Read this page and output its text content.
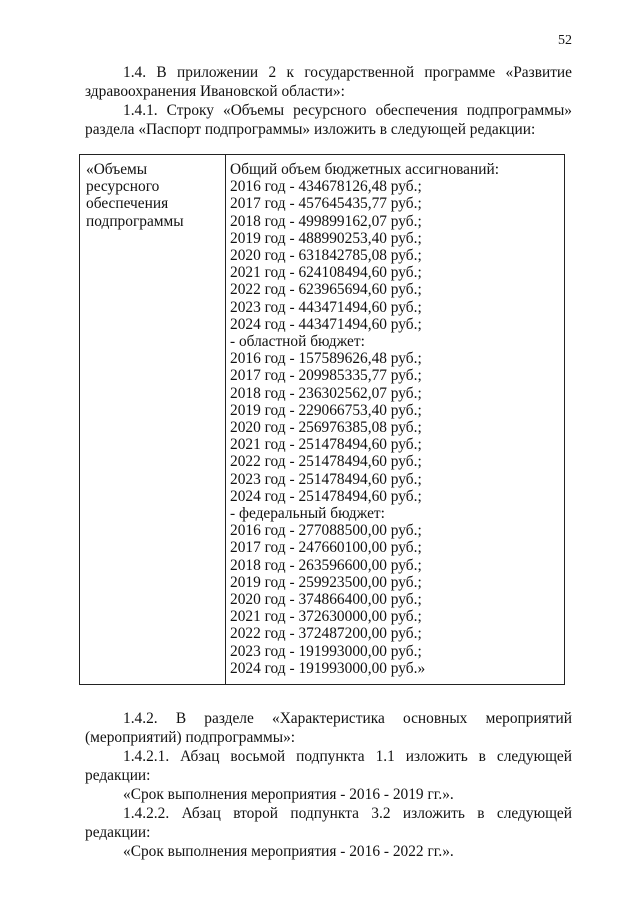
52
1.4. В приложении 2 к государственной программе «Развитие
здравоохранения Ивановской области»:
1.4.1. Строку «Объемы ресурсного обеспечения подпрограммы»
раздела «Паспорт подпрограммы» изложить в следующей редакции:
«Объемы ресурсного
обеспечения
подпрограммы
Общий объем бюджетных ассигнований:
2016 год - 434678126,48 руб.;
2017 год - 457645435,77 руб.;
2018 год - 499899162,07 руб.;
2019 год - 488990253,40 руб.;
2020 год - 631842785,08 руб.;
2021 год - 624108494,60 руб.;
2022 год - 623965694,60 руб.;
2023 год - 443471494,60 руб.;
2024 год - 443471494,60 руб.;
- областной бюджет:
2016 год - 157589626,48 руб.;
2017 год - 209985335,77 руб.;
2018 год - 236302562,07 руб.;
2019 год - 229066753,40 руб.;
2020 год - 256976385,08 руб.;
2021 год - 251478494,60 руб.;
2022 год - 251478494,60 руб.;
2023 год - 251478494,60 руб.;
2024 год - 251478494,60 руб.;
- федеральный бюджет:
2016 год - 277088500,00 руб.;
2017 год - 247660100,00 руб.;
2018 год - 263596600,00 руб.;
2019 год - 259923500,00 руб.;
2020 год - 374866400,00 руб.;
2021 год - 372630000,00 руб.;
2022 год - 372487200,00 руб.;
2023 год - 191993000,00 руб.;
2024 год - 191993000,00 руб.»
1.4.2. В разделе «Характеристика основных мероприятий
(мероприятий) подпрограммы»:
1.4.2.1. Абзац восьмой подпункта 1.1 изложить в следующей
редакции:
«Срок выполнения мероприятия - 2016 - 2019 гг.».
1.4.2.2. Абзац второй подпункта 3.2 изложить в следующей
редакции:
«Срок выполнения мероприятия - 2016 - 2022 гг.».
